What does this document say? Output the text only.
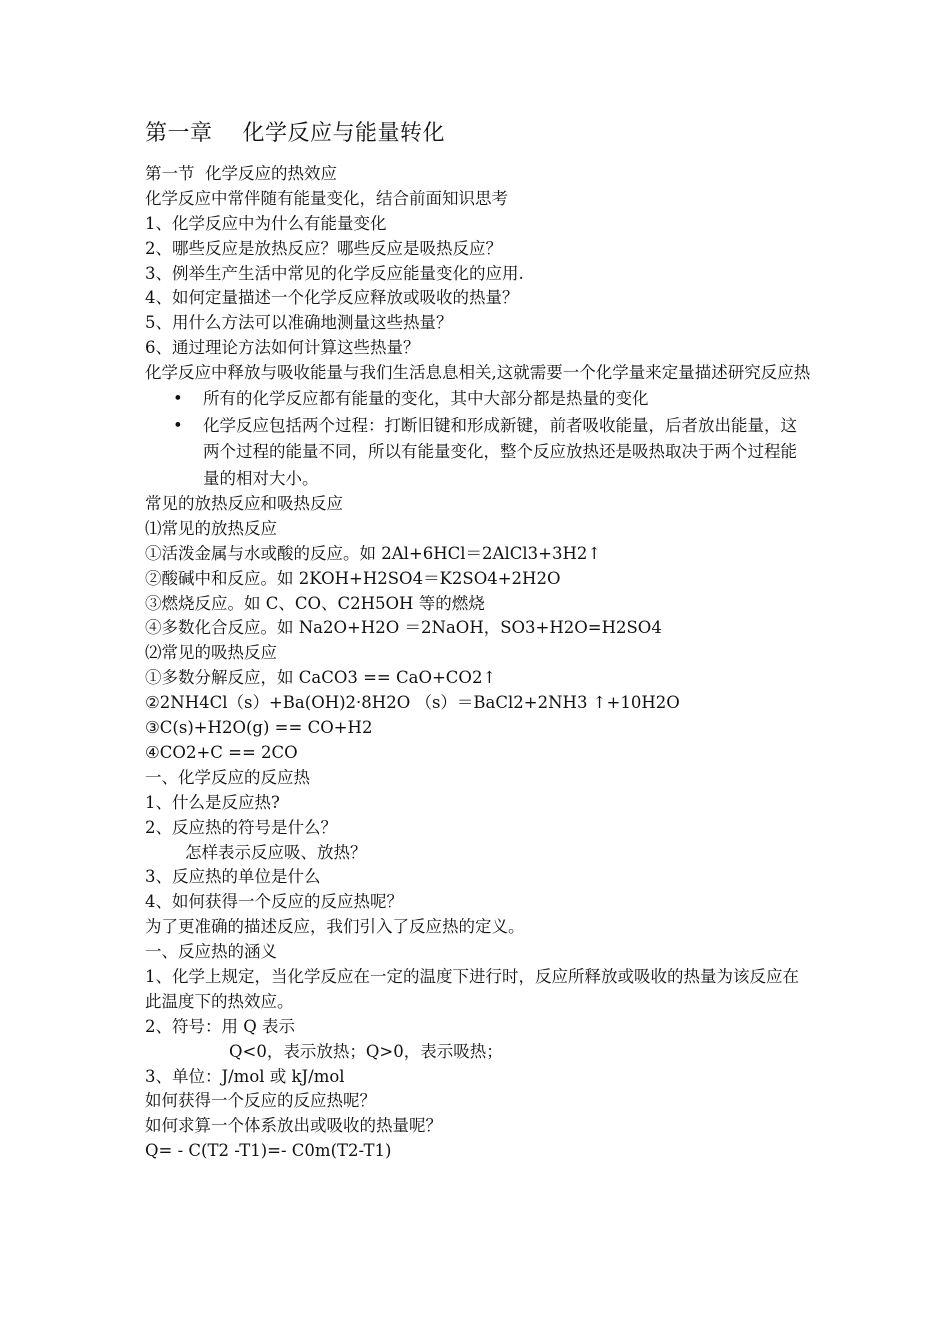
第一章    化学反应与能量转化
第一节  化学反应的热效应
化学反应中常伴随有能量变化，结合前面知识思考
1、化学反应中为什么有能量变化
2、哪些反应是放热反应？哪些反应是吸热反应？
3、例举生产生活中常见的化学反应能量变化的应用.
4、如何定量描述一个化学反应释放或吸收的热量？
5、用什么方法可以准确地测量这些热量？
6、通过理论方法如何计算这些热量？
化学反应中释放与吸收能量与我们生活息息相关,这就需要一个化学量来定量描述研究反应热
• 所有的化学反应都有能量的变化，其中大部分都是热量的变化
• 化学反应包括两个过程：打断旧键和形成新键，前者吸收能量，后者放出能量，这两个过程的能量不同，所以有能量变化，整个反应放热还是吸热取决于两个过程能量的相对大小。
常见的放热反应和吸热反应
⑴常见的放热反应
①活泼金属与水或酸的反应。如 2Al+6HCl＝2AlCl3+3H2↑
②酸碱中和反应。如 2KOH+H2SO4＝K2SO4+2H2O
③燃烧反应。如 C、CO、C2H5OH 等的燃烧
④多数化合反应。如 Na2O+H2O ＝2NaOH，SO3+H2O=H2SO4
⑵常见的吸热反应
①多数分解反应，如 CaCO3 == CaO+CO2↑
②2NH4Cl（s）+Ba(OH)2·8H2O （s）＝BaCl2+2NH3 ↑+10H2O
③C(s)+H2O(g) == CO+H2
④CO2+C == 2CO
一、化学反应的反应热
1、什么是反应热?
2、反应热的符号是什么？
怎样表示反应吸、放热？
3、反应热的单位是什么
4、如何获得一个反应的反应热呢？
为了更准确的描述反应，我们引入了反应热的定义。
一、反应热的涵义
1、化学上规定，当化学反应在一定的温度下进行时，反应所释放或吸收的热量为该反应在此温度下的热效应。
2、符号：用 Q 表示
Q<0，表示放热；Q>0，表示吸热；
3、单位：J/mol 或 kJ/mol
如何获得一个反应的反应热呢？
如何求算一个体系放出或吸收的热量呢？
Q= - C(T2 -T1)=- C0m(T2-T1)
